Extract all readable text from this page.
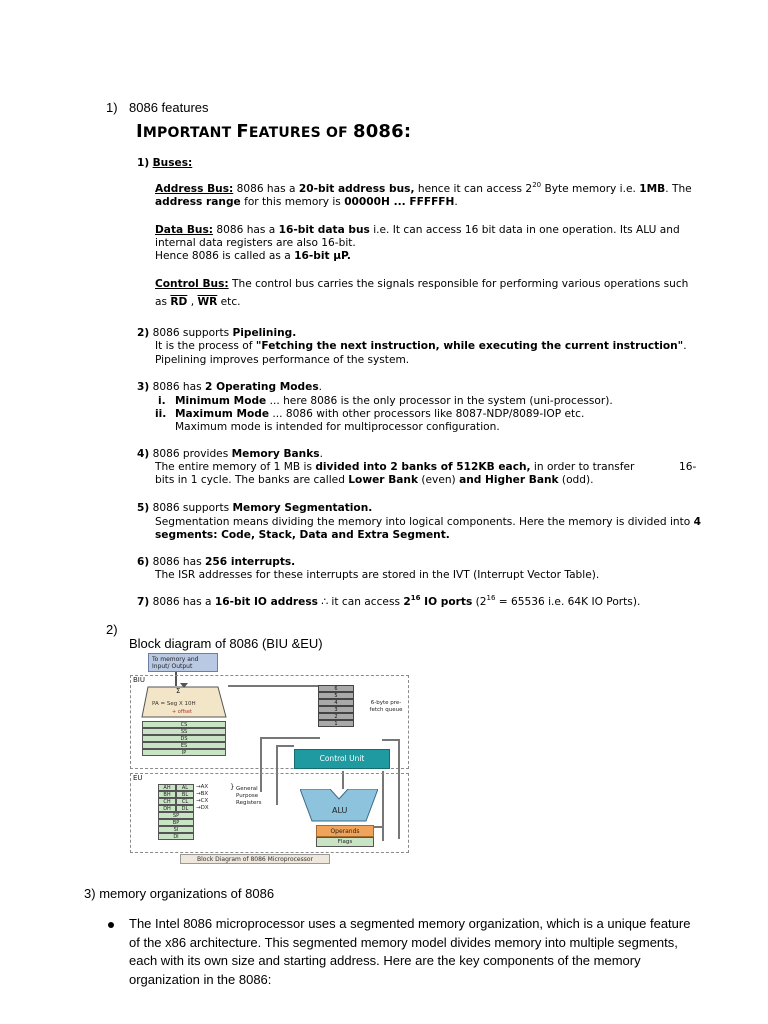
1) 8086 features
IMPORTANT FEATURES OF 8086:
1) Buses:
Address Bus: 8086 has a 20-bit address bus, hence it can access $2^{20}$ Byte memory i.e. 1MB. The
address range for this memory is 00000H ... FFFFFH.
Data Bus: 8086 has a 16-bit data bus i.e. It can access 16 bit data in one operation. Its ALU and
internal data registers are also 16-bit.
Hence 8086 is called as a 16-bit μP.
Control Bus: The control bus carries the signals responsible for performing various operations such
as $\overline{RD}$ , $\overline{WR}$ etc.
2) 8086 supports Pipelining.
It is the process of "Fetching the next instruction, while executing the current instruction".
Pipelining improves performance of the system.
3) 8086 has 2 Operating Modes.
i. Minimum Mode ... here 8086 is the only processor in the system (uni-processor).
ii. Maximum Mode ... 8086 with other processors like 8087-NDP/8089-IOP etc.
Maximum mode is intended for multiprocessor configuration.
4) 8086 provides Memory Banks.
The entire memory of 1 MB is divided into 2 banks of 512KB each, in order to transfer	16-
bits in 1 cycle. The banks are called Lower Bank (even) and Higher Bank (odd).
5) 8086 supports Memory Segmentation.
Segmentation means dividing the memory into logical components. Here the memory is divided into 4
segments: Code, Stack, Data and Extra Segment.
6) 8086 has 256 interrupts.
The ISR addresses for these interrupts are stored in the IVT (Interrupt Vector Table).
7) 8086 has a 16-bit IO address ∴ it can access $2^{16}$ IO ports ($2^{16} = 65536$ i.e. 64K IO Ports).
2)
Block diagram of 8086 (BIU &EU)
To memory and Input/ Output
BIU
Σ
PA = Seg X 10H
+ offset
CS
SS
DS
ES
IP
6
5
4
3
2
1
6-byte pre-fetch queue
Control Unit
EU
AH	AL
BH	BL
CH	CL
DH	DL
SP
BP
SI
DI
→AX
→BX
→CX
→DX
} General Purpose Registers
ALU
Operands
Flags
Block Diagram of 8086 Microprocessor
3) memory organizations of 8086
The Intel 8086 microprocessor uses a segmented memory organization, which is a unique feature
of the x86 architecture. This segmented memory model divides memory into multiple segments,
each with its own size and starting address. Here are the key components of the memory
organization in the 8086:
